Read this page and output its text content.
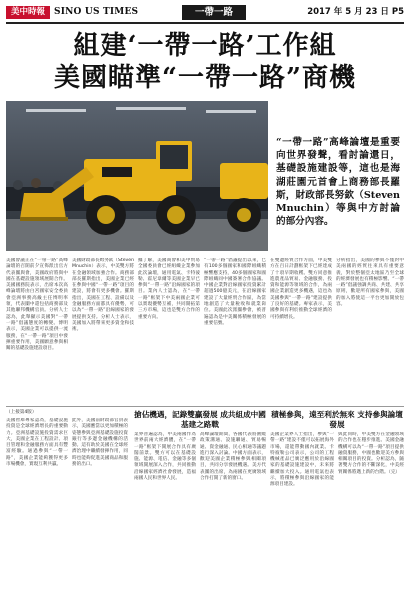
美中時報	SINO US TIMES	一帶一路	2017 年 5 月 23 日 P5
組建‘一帶一路’工作組
美國瞄準“一帶一路”商機
“一帶一路”高峰論壇是重要向世界發聲，看討論還日，基礎設施建設等，這也是海湖莊園元首會上商務部長羅斯，財政部長努欽（Steven Mnuchin）等與中方討論的部分內容。
美國會議正在“一帶一路”高峰論壇的召開前夕宣佈派出官方代表團與會，美國政府將與中國在基礎設施領域展開合作。美國國務院表示，出席本次高峰論壇將由白宮國家安全委員會亞洲事務高級主任博明率領，代表團中還包括商務部及其他聯邦機構官員。分析人士認為，此舉顯示美國對“一帶一路”倡議態度的轉變。博明表示，美國企業可以提供一流服務，在“一帶一路”項目中發揮重要作用，美國願意參與相關的基礎設施建設項目。
美國財政部長姆努欽（Steven Mnuchin）表示，中美雙方將在金融領域加強合作。商務部部長羅斯指出，美國企業已經在參與中國“一帶一路”項目的建設，將會有更多機會。羅斯指出，美國在工程、設備以及金融服務方面都具有優勢，可以為“一帶一路”沿線國家的發展提供支持。分析人士表示，美國加入將帶來更多資金和技術。
據了解，美國商會和美中貿易全國委員會已經組織企業參加此次論壇，通用電氣、卡特彼勒、霍尼韋爾等美國企業早已參與“一帶一路”沿線國家的項目。業內人士認為，在“一帶一路”框架下中美兩國企業可以實現優勢互補，共同開拓第三方市場，這也是雙方合作的重要方向。
“一帶一路”倡議提出以來，已有100多個國家和國際組織積極響應支持，40多個國家和國際組織同中國簽署合作協議。中國企業對沿線國家投資累計超過500億美元，在沿線國家建設了大量經貿合作區，為當地創造了大量稅收和就業崗位。美國此次派團參會，被普遍認為是中美關係積極發展的重要信號。
在雙邊經貿合作方面，中美雙方在百日計劃框架下已經達成了十項早期收穫。雙方同意推進農產品貿易、金融服務、投資和能源等領域的合作，為兩國企業創造更多機遇，這也為美國參與“一帶一路”建設提供了良好的基礎。專家表示，美國參與有利於推動全球經濟的可持續增長。
分析指出，美國的參與不僅對中美兩國的經貿往來具有重要意義，對於整個亞太地區乃至全球的經濟發展也有積極影響。“一帶一路”倡議強調共商、共建、共享原則，歡迎所有國家參與，美國的加入將使這一平台更加開放包容。
（上接第4版）
美國智庫專家認為，基礎設施投資是全球經濟增長的重要動力。亞洲基礎設施投資需求巨大，美國企業在工程設計、項目管理和金融服務方面具有豐富經驗。通過參與“一帶一路”，美國企業能夠獲得更多市場機會，實現互利共贏。
此外，美國前財政部官員表示，美國應當以更加積極的姿態參與亞洲基礎設施投資銀行等多邊金融機構的活動。這有助於美國在全球經濟治理中繼續發揮作用，同時也能夠促進美國商品和服務的出口。
搶佔機遇，記錄雙贏發展 成共組成中國基建之路戰
業界普遍認為，中美兩國作為世界前兩大經濟體，在“一帶一路”框架下開展合作具有廣闊前景。雙方可以在基礎設施、能源、電信、金融等多個領域開展深入合作，共同推動沿線國家經濟社會發展，造福兩國人民和世界人民。
高峰論壇期間，各國代表將圍繞政策溝通、設施聯通、貿易暢通、資金融通、民心相通等議題進行深入討論。中國方面表示，歡迎美國企業積極參與相關項目，共同分享發展機遇。美方代表團的出席，為兩國在更廣領域合作打開了新的窗口。
積極參與，遠至利於無來 支持參與論壇發展
美國企業界人士指出，參與“一帶一路”建設不僅可以拓展海外市場，還能帶動國內就業。卡特彼勒公司表示，公司的工程機械產品已廣泛應用於沿線國家的基礎設施建設中，未來將繼續加大投入。通用電氣也表示，將積極參與沿線國家的能源項目建設。
與此同時，中美雙方在金融領域的合作也在穩步推進。美國金融機構可以為“一帶一路”項目提供融資服務，中國也歡迎美方參與相關項目的投資。分析認為，隨著雙方合作的不斷深化，中美經貿關係將邁上新的台階。（完）
